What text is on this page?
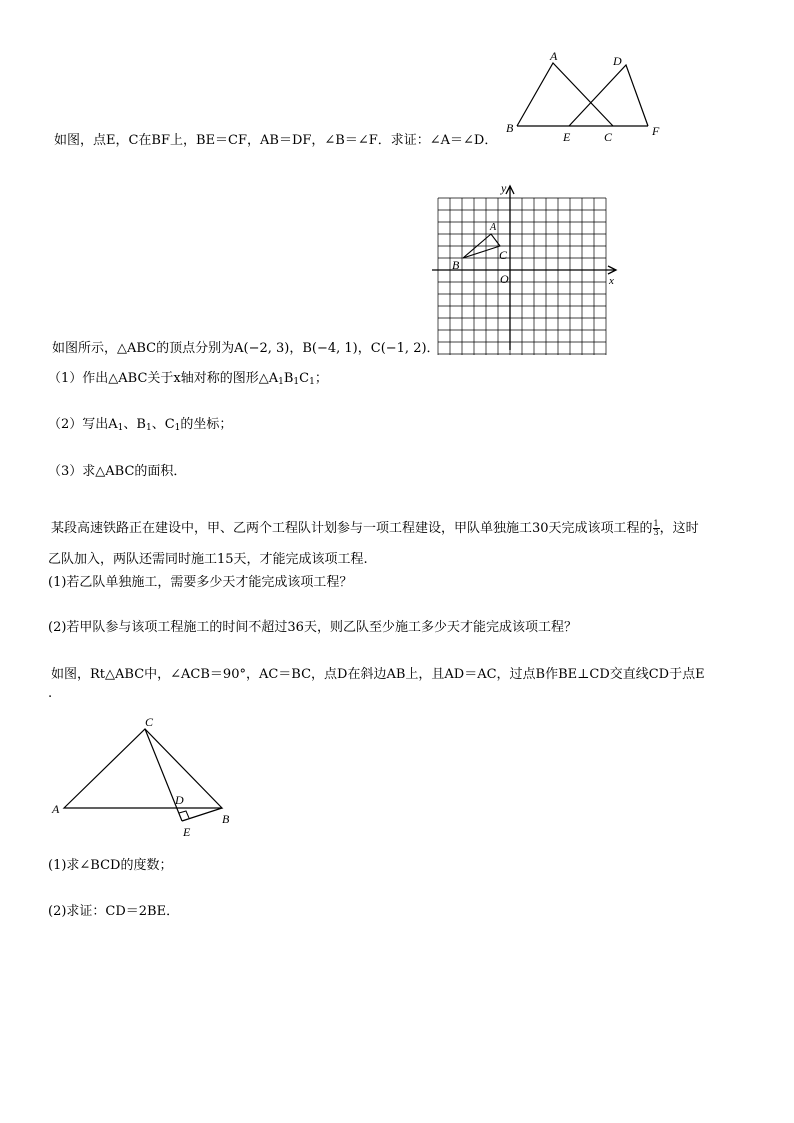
A	D
B
E	C	F
如图，点E，C在BF上，BE＝CF，AB＝DF，∠B＝∠F．求证：∠A＝∠D．
y
x
O
A
B
C
如图所示，△ABC的顶点分别为A(−2, 3)，B(−4, 1)，C(−1, 2)．
（1）作出△ABC关于x轴对称的图形$\triangle A_1B_1C_1$；
（2）写出$A_1$、$B_1$、$C_1$的坐标；
（3）求△ABC的面积．
某段高速铁路正在建设中，甲、乙两个工程队计划参与一项工程建设，甲队单独施工30天完成该项工程的 $\frac{1}{3}$ ，这时
乙队加入，两队还需同时施工15天，才能完成该项工程.
(1)若乙队单独施工，需要多少天才能完成该项工程？
(2)若甲队参与该项工程施工的时间不超过36天，则乙队至少施工多少天才能完成该项工程？
如图，Rt△ABC中，∠ACB＝90°，AC＝BC，点D在斜边AB上，且AD＝AC，过点B作BE⊥CD交直线CD于点E
.
C
A
D
E
B
(1)求∠BCD的度数；
(2)求证：CD＝2BE．
